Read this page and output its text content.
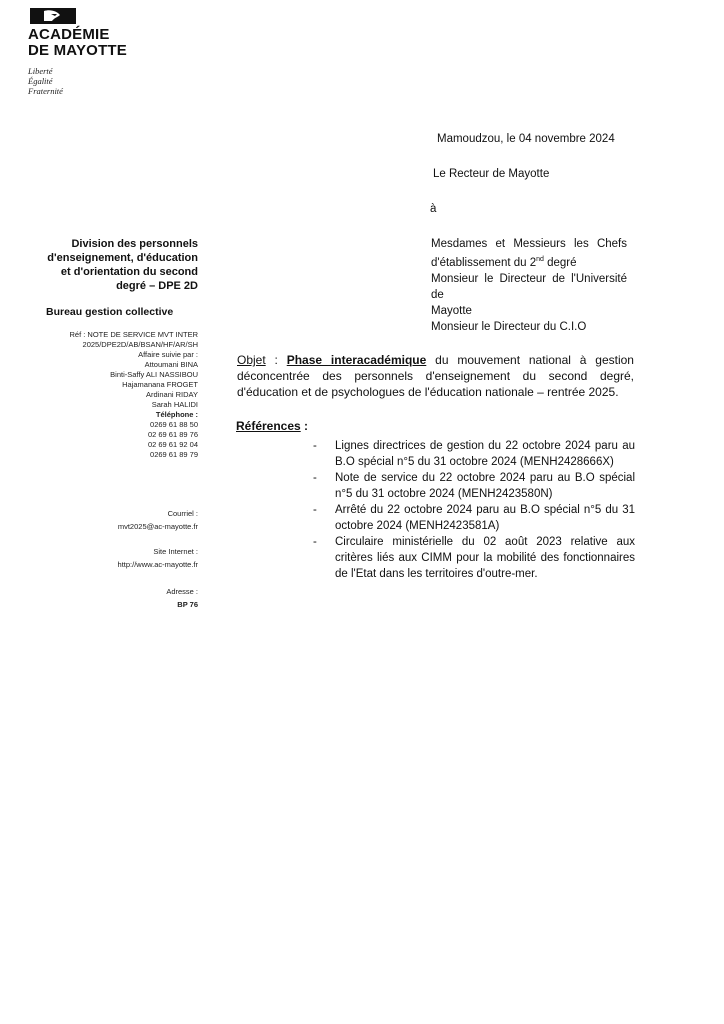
ACADÉMIE
DE MAYOTTE
Liberté
Égalité
Fraternité
Mamoudzou, le 04 novembre 2024
Le Recteur de Mayotte
à
Mesdames et Messieurs les Chefs
d'établissement du 2nd degré
Monsieur le Directeur de l'Université de
Mayotte
Monsieur le Directeur du C.I.O
Division des personnels
d'enseignement, d'éducation
et d'orientation du second
degré – DPE 2D
Bureau gestion collective
Réf : NOTE DE SERVICE MVT INTER
2025/DPE2D/AB/BSAN/HF/AR/SH
Affaire suivie par :
Attoumani BINA
Binti-Saffy ALI NASSIBOU
Hajamanana FROGET
Ardinani RIDAY
Sarah HALIDI
Téléphone :
0269 61 88 50
02 69 61 89 76
02 69 61 92 04
0269 61 89 79
Courriel :
mvt2025@ac-mayotte.fr
Site Internet :
http://www.ac-mayotte.fr
Adresse :
BP 76
Objet : Phase interacadémique du mouvement national à gestion déconcentrée des personnels d'enseignement du second degré, d'éducation et de psychologues de l'éducation nationale – rentrée 2025.
Références :
- Lignes directrices de gestion du 22 octobre 2024 paru au B.O spécial n°5 du 31 octobre 2024 (MENH2428666X)
- Note de service du 22 octobre 2024 paru au B.O spécial n°5 du 31 octobre 2024 (MENH2423580N)
- Arrêté du 22 octobre 2024 paru au B.O spécial n°5 du 31 octobre 2024 (MENH2423581A)
- Circulaire ministérielle du 02 août 2023 relative aux critères liés aux CIMM pour la mobilité des fonctionnaires de l'Etat dans les territoires d'outre-mer.
